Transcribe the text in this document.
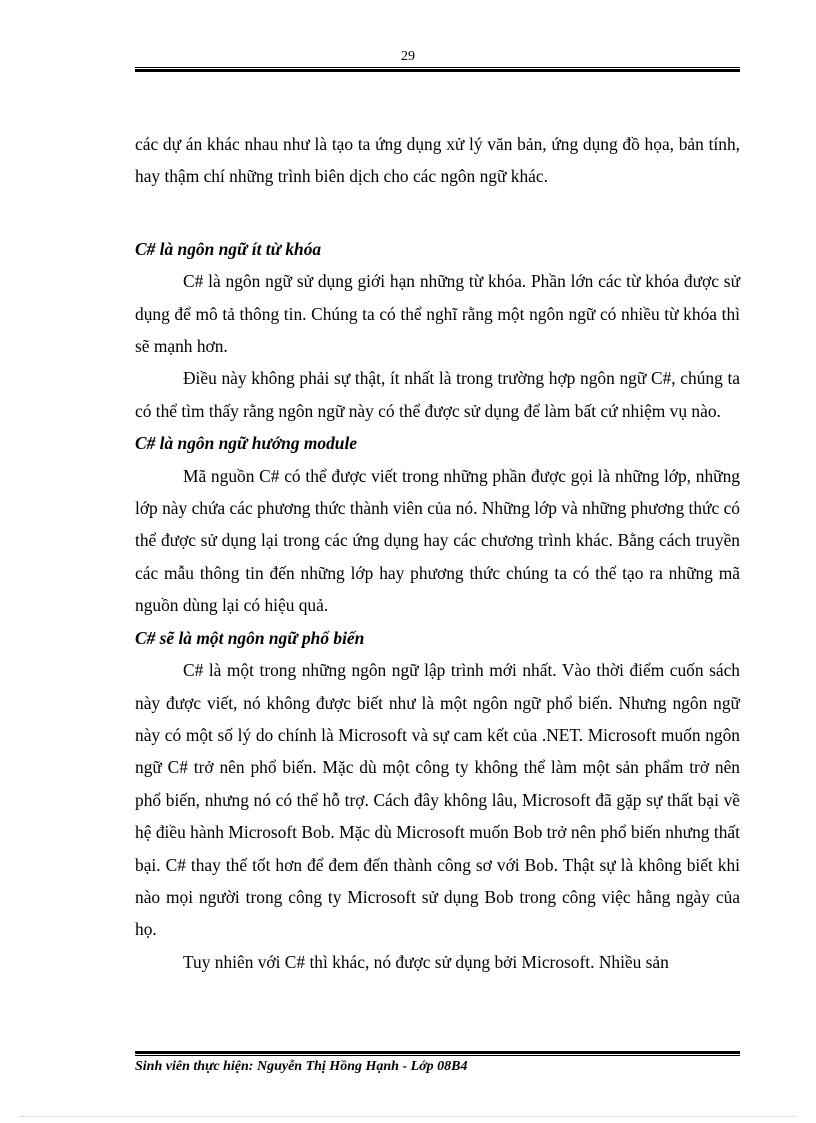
29

các dự án khác nhau như là tạo ta ứng dụng xử lý văn bản, ứng dụng đồ họa, bản tính, hay thậm chí những trình biên dịch cho các ngôn ngữ khác.

C# là ngôn ngữ ít từ khóa

C# là ngôn ngữ sử dụng giới hạn những từ khóa. Phần lớn các từ khóa được sử dụng để mô tả thông tin. Chúng ta có thể nghĩ rằng một ngôn ngữ có nhiều từ khóa thì sẽ mạnh hơn.

Điều này không phải sự thật, ít nhất là trong trường hợp ngôn ngữ C#, chúng ta có thể tìm thấy rằng ngôn ngữ này có thể được sử dụng để làm bất cứ nhiệm vụ nào.

C# là ngôn ngữ hướng module

Mã nguồn C# có thể được viết trong những phần được gọi là những lớp, những lớp này chứa các phương thức thành viên của nó. Những lớp và những phương thức có thể được sử dụng lại trong các ứng dụng hay các chương trình khác. Bằng cách truyền các mẫu thông tin đến những lớp hay phương thức chúng ta có thể tạo ra những mã nguồn dùng lại có hiệu quả.

C# sẽ là một ngôn ngữ phổ biến

C# là một trong những ngôn ngữ lập trình mới nhất. Vào thời điểm cuốn sách này được viết, nó không được biết như là một ngôn ngữ phổ biến. Nhưng ngôn ngữ này có một số lý do chính là Microsoft và sự cam kết của .NET. Microsoft muốn ngôn ngữ C# trở nên phổ biến. Mặc dù một công ty không thể làm một sản phẩm trở nên phổ biến, nhưng nó có thể hỗ trợ. Cách đây không lâu, Microsoft đã gặp sự thất bại về hệ điều hành Microsoft Bob. Mặc dù Microsoft muốn Bob trở nên phổ biến nhưng thất bại. C# thay thế tốt hơn để đem đến thành công sơ với Bob. Thật sự là không biết khi nào mọi người trong công ty Microsoft sử dụng Bob trong công việc hằng ngày của họ.

Tuy nhiên với C# thì khác, nó được sử dụng bởi Microsoft. Nhiều sản

Sinh viên thực hiện: Nguyễn Thị Hồng Hạnh - Lớp 08B4
